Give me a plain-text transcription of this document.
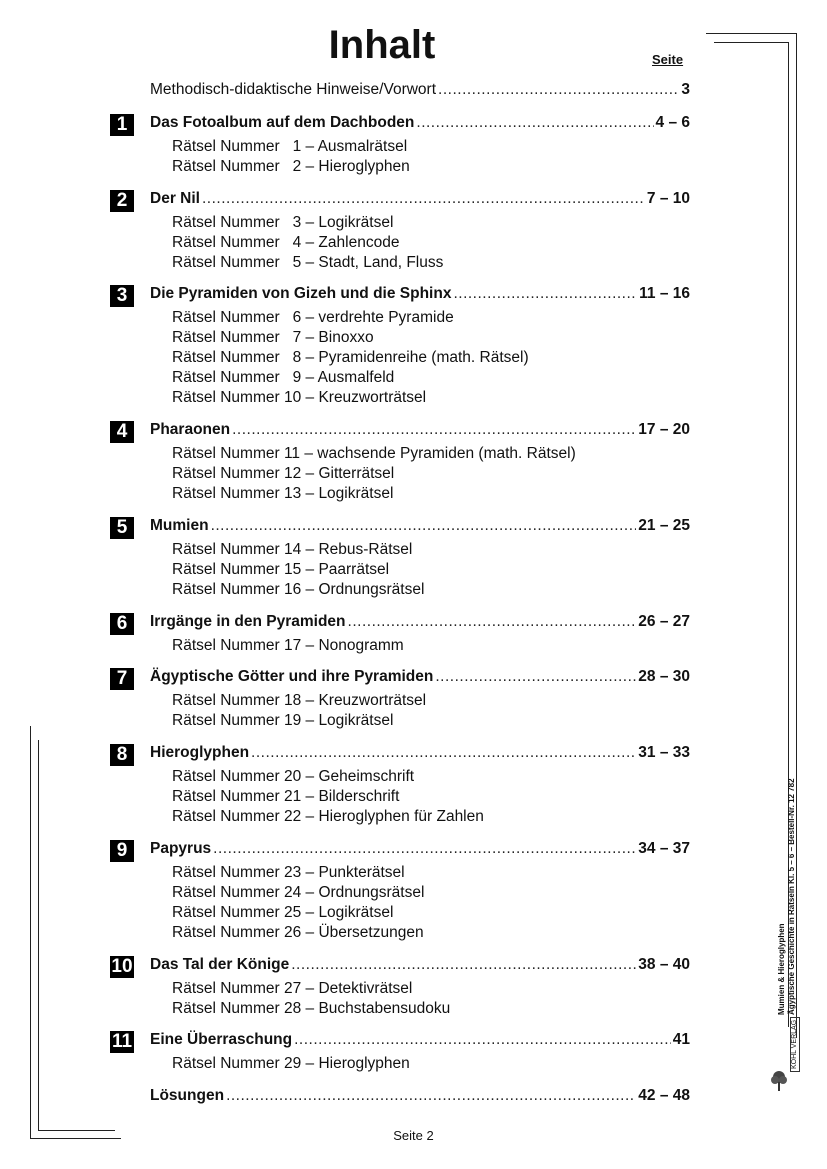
Inhalt	Seite
Methodisch-didaktische Hinweise/Vorwort .....	3
1	Das Fotoalbum auf dem Dachboden .....	4 – 6
Rätsel Nummer   1 – Ausmalrätsel
Rätsel Nummer   2 – Hieroglyphen
2	Der Nil .....	7 – 10
Rätsel Nummer   3 – Logikrätsel
Rätsel Nummer   4 – Zahlencode
Rätsel Nummer   5 – Stadt, Land, Fluss
3	Die Pyramiden von Gizeh und die Sphinx .....	11 – 16
Rätsel Nummer   6 – verdrehte Pyramide
Rätsel Nummer   7 – Binoxxo
Rätsel Nummer   8 – Pyramidenreihe (math. Rätsel)
Rätsel Nummer   9 – Ausmalfeld
Rätsel Nummer 10 – Kreuzworträtsel
4	Pharaonen .....	17 – 20
Rätsel Nummer 11 – wachsende Pyramiden (math. Rätsel)
Rätsel Nummer 12 – Gitterrätsel
Rätsel Nummer 13 – Logikrätsel
5	Mumien .....	21 – 25
Rätsel Nummer 14 – Rebus-Rätsel
Rätsel Nummer 15 – Paarrätsel
Rätsel Nummer 16 – Ordnungsrätsel
6	Irrgänge in den Pyramiden .....	26 – 27
Rätsel Nummer 17 – Nonogramm
7	Ägyptische Götter und ihre Pyramiden .....	28 – 30
Rätsel Nummer 18 – Kreuzworträtsel
Rätsel Nummer 19 – Logikrätsel
8	Hieroglyphen .....	31 – 33
Rätsel Nummer 20 – Geheimschrift
Rätsel Nummer 21 – Bilderschrift
Rätsel Nummer 22 – Hieroglyphen für Zahlen
9	Papyrus .....	34 – 37
Rätsel Nummer 23 – Punkterätsel
Rätsel Nummer 24 – Ordnungsrätsel
Rätsel Nummer 25 – Logikrätsel
Rätsel Nummer 26 – Übersetzungen
10 Das Tal der Könige .....	38 – 40
Rätsel Nummer 27 – Detektivrätsel
Rätsel Nummer 28 – Buchstabensudoku
11 Eine Überraschung .....	41
Rätsel Nummer 29 – Hieroglyphen
Lösungen .....	42 – 48
Mumien & Hieroglyphen Ägyptische Geschichte in Rätseln Kl. 5 – 6 – Bestell-Nr. 12 782
KOHL VERLAG
Seite 2
